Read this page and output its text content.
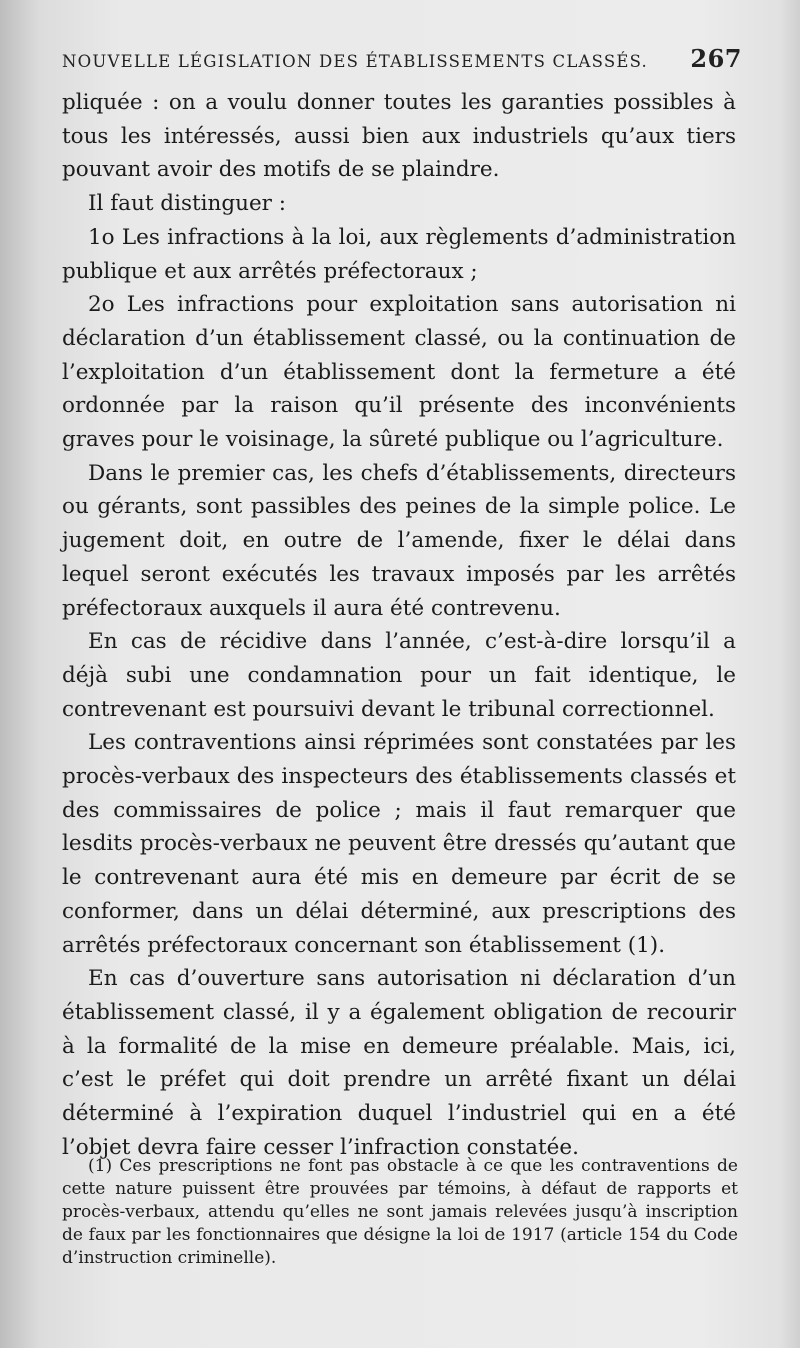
NOUVELLE LÉGISLATION DES ÉTABLISSEMENTS CLASSÉS. 267

pliquée : on a voulu donner toutes les garanties possibles à tous les intéressés, aussi bien aux industriels qu’aux tiers pouvant avoir des motifs de se plaindre.

Il faut distinguer :

1o Les infractions à la loi, aux règlements d’administration publique et aux arrêtés préfectoraux ;

2o Les infractions pour exploitation sans autorisation ni déclaration d’un établissement classé, ou la continuation de l’exploitation d’un établissement dont la fermeture a été ordonnée par la raison qu’il présente des inconvénients graves pour le voisinage, la sûreté publique ou l’agriculture.

Dans le premier cas, les chefs d’établissements, directeurs ou gérants, sont passibles des peines de la simple police. Le jugement doit, en outre de l’amende, fixer le délai dans lequel seront exécutés les travaux imposés par les arrêtés préfectoraux auxquels il aura été contrevenu.

En cas de récidive dans l’année, c’est-à-dire lorsqu’il a déjà subi une condamnation pour un fait identique, le contrevenant est poursuivi devant le tribunal correctionnel.

Les contraventions ainsi réprimées sont constatées par les procès-verbaux des inspecteurs des établissements classés et des commissaires de police ; mais il faut remarquer que lesdits procès-verbaux ne peuvent être dressés qu’autant que le contrevenant aura été mis en demeure par écrit de se conformer, dans un délai déterminé, aux prescriptions des arrêtés préfectoraux concernant son établissement (1).

En cas d’ouverture sans autorisation ni déclaration d’un établissement classé, il y a également obligation de recourir à la formalité de la mise en demeure préalable. Mais, ici, c’est le préfet qui doit prendre un arrêté fixant un délai déterminé à l’expiration duquel l’industriel qui en a été l’objet devra faire cesser l’infraction constatée.

(1) Ces prescriptions ne font pas obstacle à ce que les contraventions de cette nature puissent être prouvées par témoins, à défaut de rapports et procès-verbaux, attendu qu’elles ne sont jamais relevées jusqu’à inscription de faux par les fonctionnaires que désigne la loi de 1917 (article 154 du Code d’instruction criminelle).
